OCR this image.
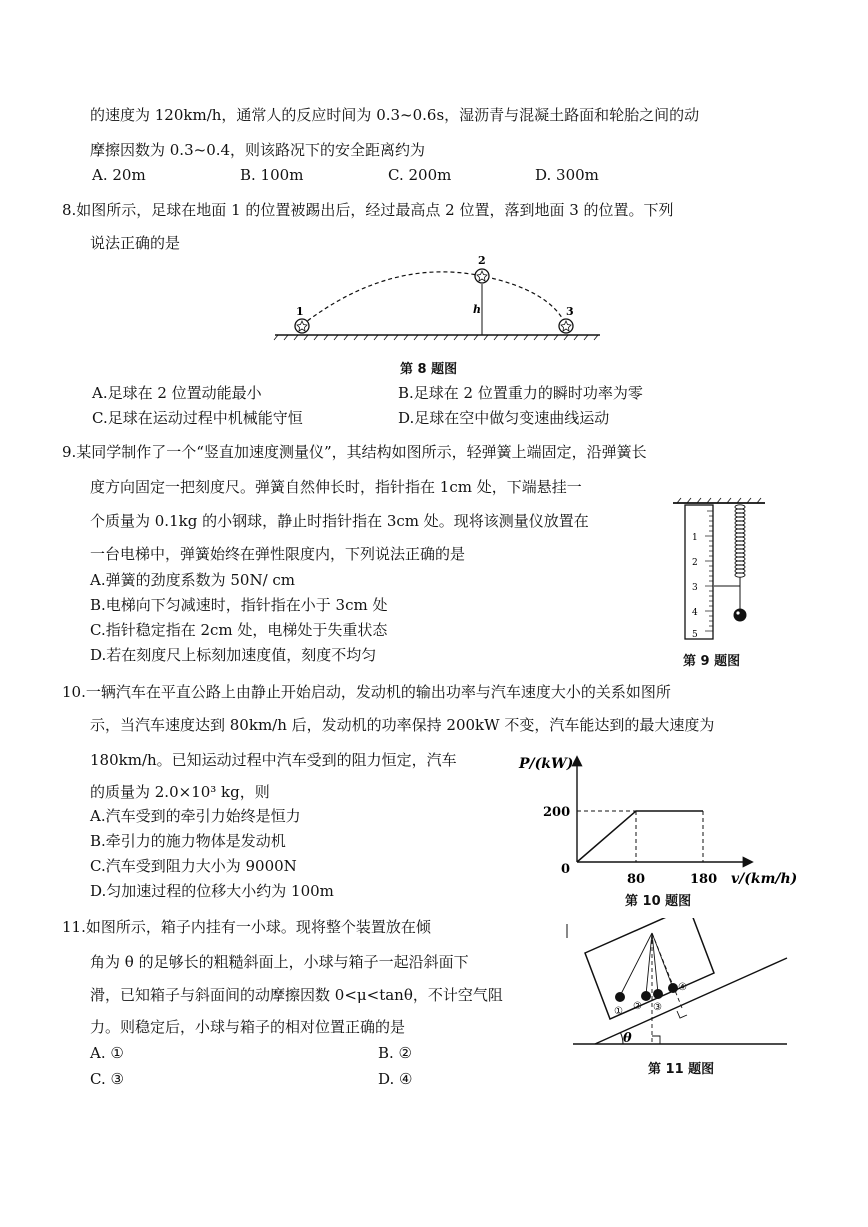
的速度为 120km/h，通常人的反应时间为 0.3~0.6s，湿沥青与混凝土路面和轮胎之间的动
摩擦因数为 0.3~0.4，则该路况下的安全距离约为
A. 20m	B. 100m	C. 200m	D. 300m
8.如图所示，足球在地面 1 的位置被踢出后，经过最高点 2 位置，落到地面 3 的位置。下列
说法正确的是
1
2
3
h
第 8 题图
A.足球在 2 位置动能最小	B.足球在 2 位置重力的瞬时功率为零
C.足球在运动过程中机械能守恒	D.足球在空中做匀变速曲线运动
9.某同学制作了一个“竖直加速度测量仪”，其结构如图所示，轻弹簧上端固定，沿弹簧长
度方向固定一把刻度尺。弹簧自然伸长时，指针指在 1cm 处，下端悬挂一
个质量为 0.1kg 的小钢球，静止时指针指在 3cm 处。现将该测量仪放置在
一台电梯中，弹簧始终在弹性限度内，下列说法正确的是
A.弹簧的劲度系数为 50N/ cm
B.电梯向下匀减速时，指针指在小于 3cm 处
C.指针稳定指在 2cm 处，电梯处于失重状态
D.若在刻度尺上标刻加速度值，刻度不均匀
1
2
3
4
5
第 9 题图
10.一辆汽车在平直公路上由静止开始启动，发动机的输出功率与汽车速度大小的关系如图所
示，当汽车速度达到 80km/h 后，发动机的功率保持 200kW 不变，汽车能达到的最大速度为
180km/h。已知运动过程中汽车受到的阻力恒定，汽车
的质量为 2.0×10³ kg，则
A.汽车受到的牵引力始终是恒力
B.牵引力的施力物体是发动机
C.汽车受到阻力大小为 9000N
D.匀加速过程的位移大小约为 100m
P/(kW)
200
0
80	180 v/(km/h)
第 10 题图
11.如图所示，箱子内挂有一小球。现将整个装置放在倾
角为 θ 的足够长的粗糙斜面上，小球与箱子一起沿斜面下
滑，已知箱子与斜面间的动摩擦因数 0<μ<tanθ，不计空气阻
力。则稳定后，小球与箱子的相对位置正确的是
A. ①	B. ②
C. ③	D. ④
θ
① ② ③
④
第 11 题图
